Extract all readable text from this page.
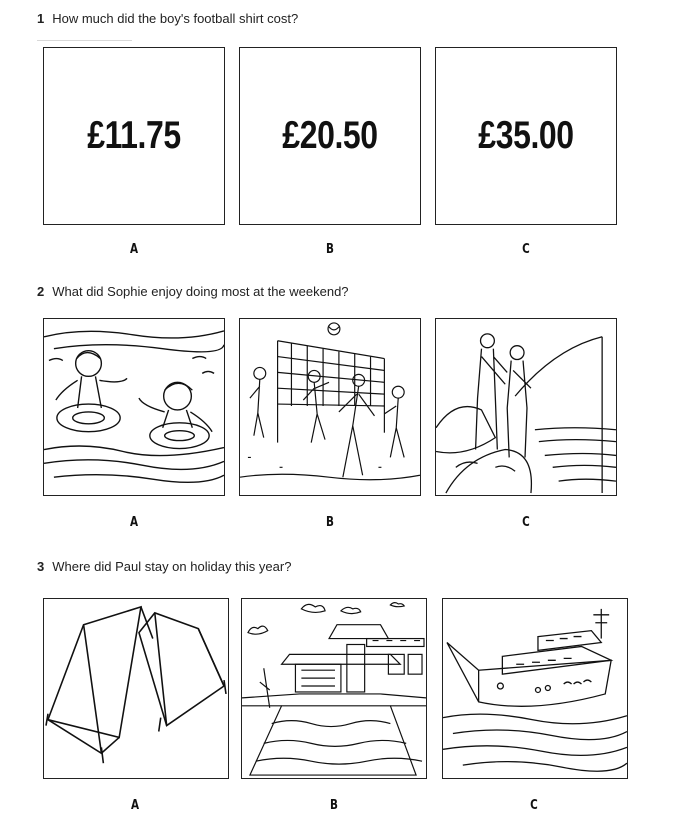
1 How much did the boy's football shirt cost?
£11.75	£20.50	£35.00
A	B	C
2 What did Sophie enjoy doing most at the weekend?
A	B	C
3 Where did Paul stay on holiday this year?
A	B	C
